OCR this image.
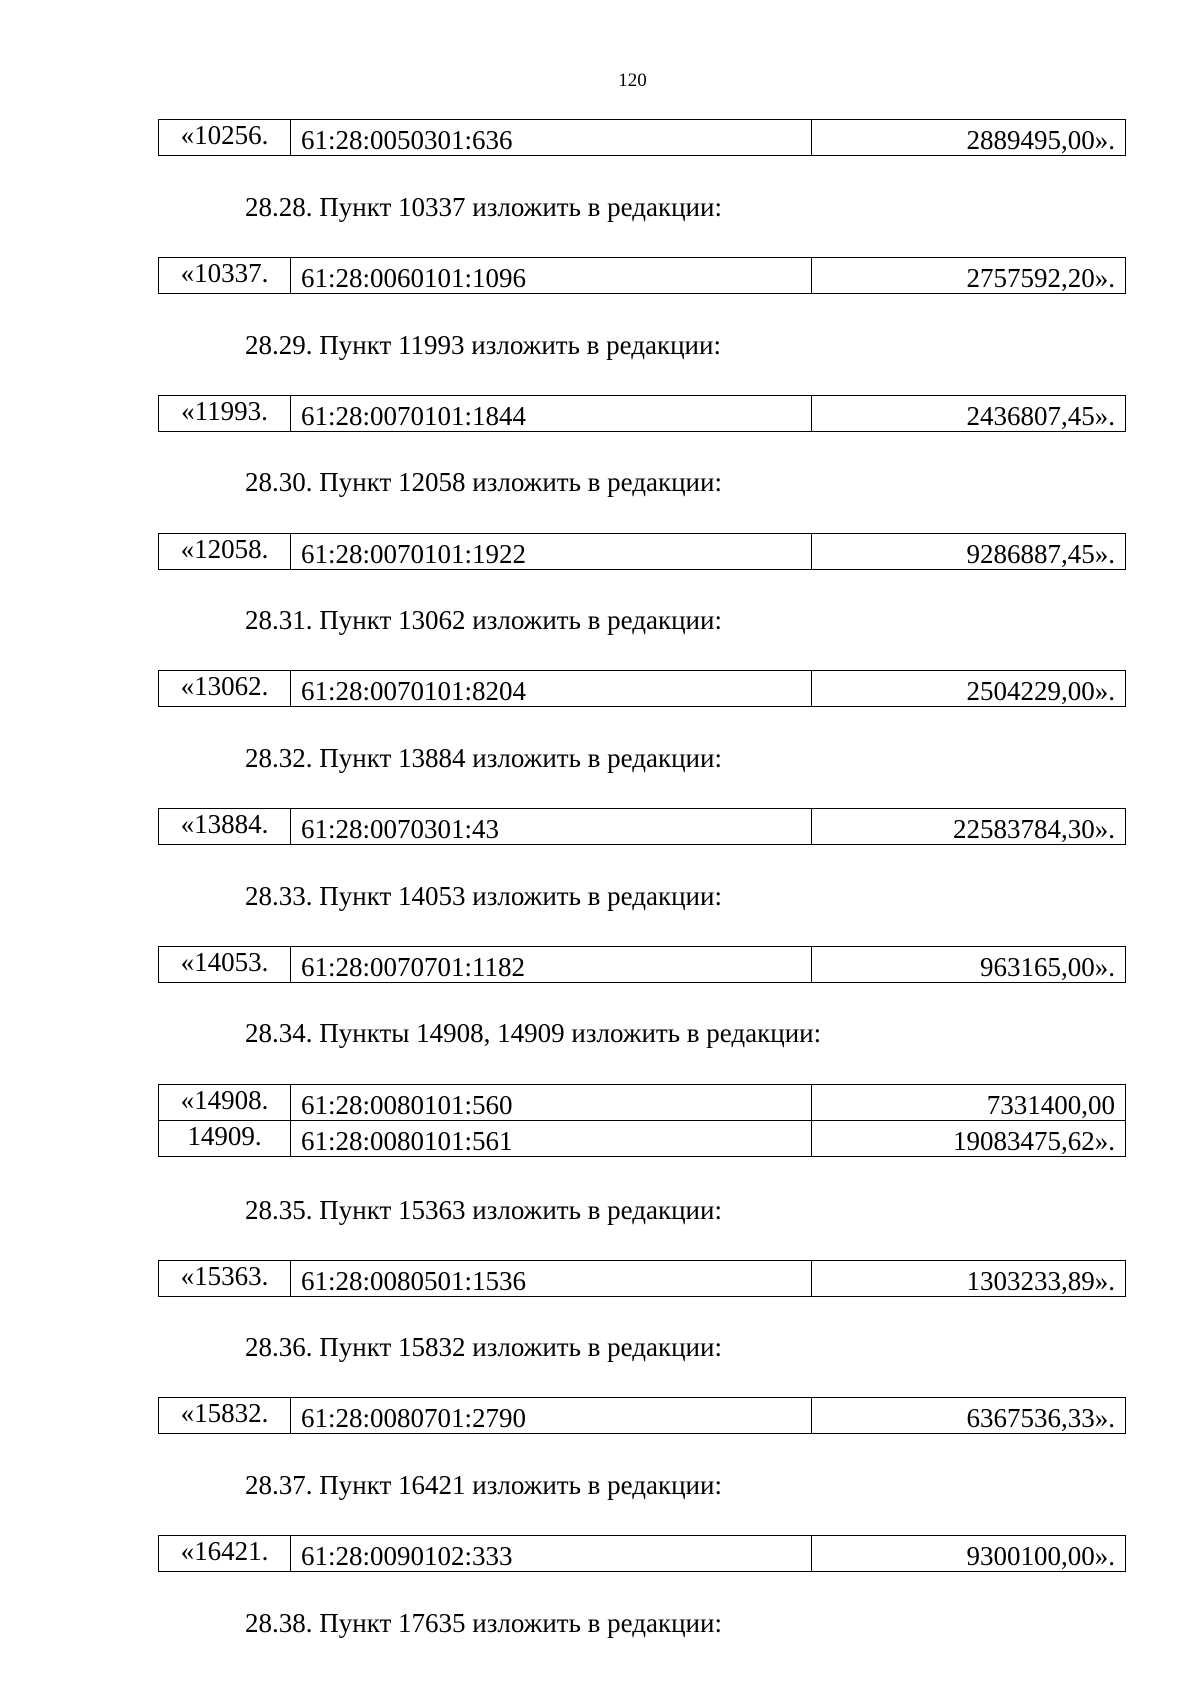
120
«10256.	61:28:0050301:636	2889495,00».
28.28. Пункт 10337 изложить в редакции:
«10337.	61:28:0060101:1096	2757592,20».
28.29. Пункт 11993 изложить в редакции:
«11993.	61:28:0070101:1844	2436807,45».
28.30. Пункт 12058 изложить в редакции:
«12058.	61:28:0070101:1922	9286887,45».
28.31. Пункт 13062 изложить в редакции:
«13062.	61:28:0070101:8204	2504229,00».
28.32. Пункт 13884 изложить в редакции:
«13884.	61:28:0070301:43	22583784,30».
28.33. Пункт 14053 изложить в редакции:
«14053.	61:28:0070701:1182	963165,00».
28.34. Пункты 14908, 14909 изложить в редакции:
«14908.	61:28:0080101:560	7331400,00
14909.	61:28:0080101:561	19083475,62».
28.35. Пункт 15363 изложить в редакции:
«15363.	61:28:0080501:1536	1303233,89».
28.36. Пункт 15832 изложить в редакции:
«15832.	61:28:0080701:2790	6367536,33».
28.37. Пункт 16421 изложить в редакции:
«16421.	61:28:0090102:333	9300100,00».
28.38. Пункт 17635 изложить в редакции:
